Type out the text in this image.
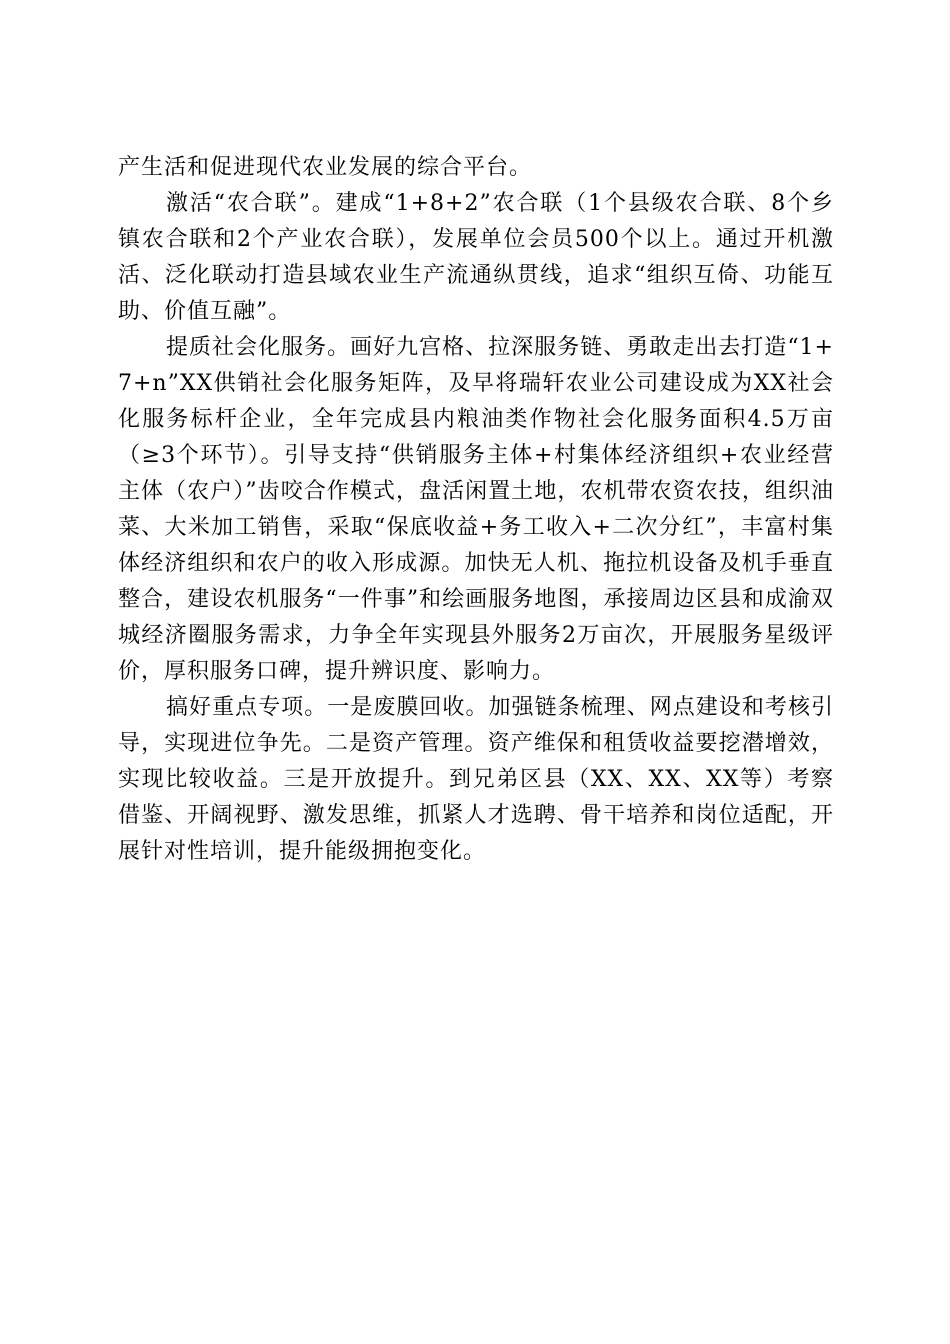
产生活和促进现代农业发展的综合平台。

激活“农合联”。建成“1+8+2”农合联（1个县级农合联、8个乡镇农合联和2个产业农合联），发展单位会员500个以上。通过开机激活、泛化联动打造县域农业生产流通纵贯线，追求“组织互倚、功能互助、价值互融”。

提质社会化服务。画好九宫格、拉深服务链、勇敢走出去打造“1+7+n”XX供销社会化服务矩阵，及早将瑞轩农业公司建设成为XX社会化服务标杆企业，全年完成县内粮油类作物社会化服务面积4.5万亩（≥3个环节）。引导支持“供销服务主体+村集体经济组织+农业经营主体（农户）”齿咬合作模式，盘活闲置土地，农机带农资农技，组织油菜、大米加工销售，采取“保底收益+务工收入+二次分红”，丰富村集体经济组织和农户的收入形成源。加快无人机、拖拉机设备及机手垂直整合，建设农机服务“一件事”和绘画服务地图，承接周边区县和成渝双城经济圈服务需求，力争全年实现县外服务2万亩次，开展服务星级评价，厚积服务口碑，提升辨识度、影响力。

搞好重点专项。一是废膜回收。加强链条梳理、网点建设和考核引导，实现进位争先。二是资产管理。资产维保和租赁收益要挖潜增效，实现比较收益。三是开放提升。到兄弟区县（XX、XX、XX等）考察借鉴、开阔视野、激发思维，抓紧人才选聘、骨干培养和岗位适配，开展针对性培训，提升能级拥抱变化。
